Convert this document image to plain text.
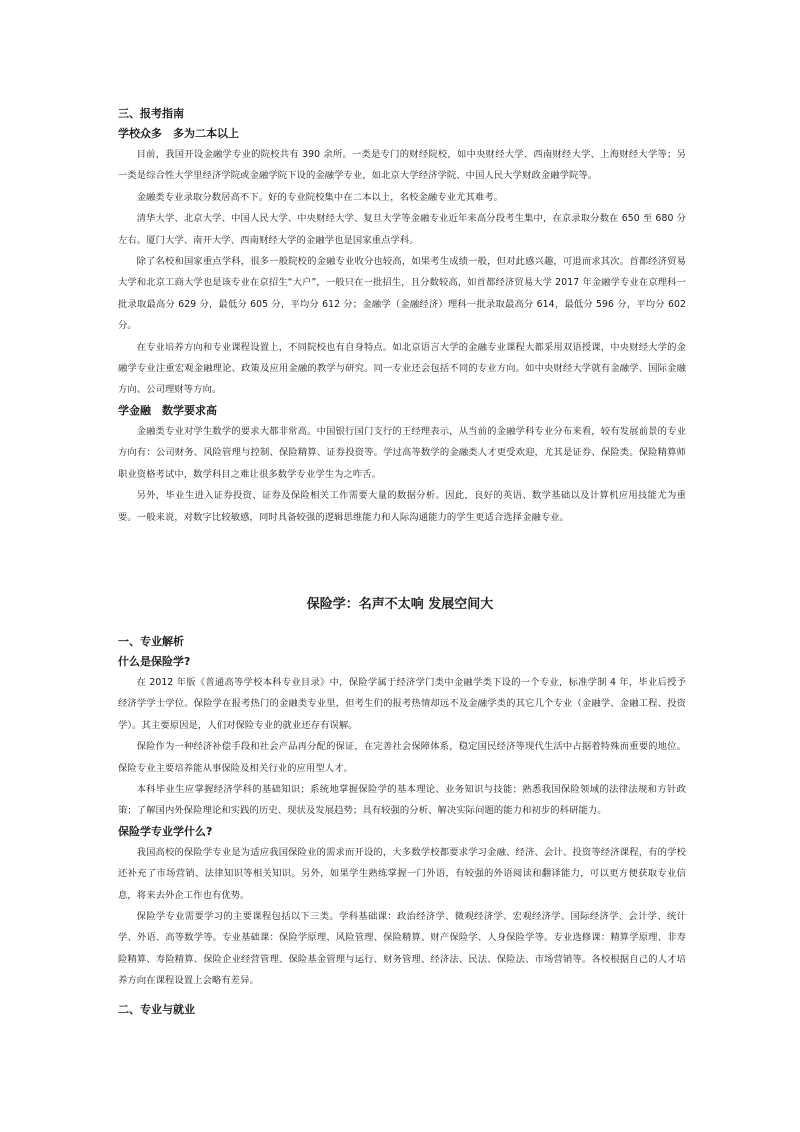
三、报考指南

学校众多　多为二本以上

目前，我国开设金融学专业的院校共有 390 余所。一类是专门的财经院校，如中央财经大学、西南财经大学、上海财经大学等；另一类是综合性大学里经济学院或金融学院下设的金融学专业，如北京大学经济学院、中国人民大学财政金融学院等。

金融类专业录取分数居高不下。好的专业院校集中在二本以上，名校金融专业尤其难考。

清华大学、北京大学、中国人民大学、中央财经大学、复旦大学等金融专业近年来高分段考生集中，在京录取分数在 650 至 680 分左右。厦门大学、南开大学、西南财经大学的金融学也是国家重点学科。

除了名校和国家重点学科，很多一般院校的金融专业收分也较高，如果考生成绩一般，但对此感兴趣，可退而求其次。首都经济贸易大学和北京工商大学也是该专业在京招生“大户”，一般只在一批招生，且分数较高，如首都经济贸易大学 2017 年金融学专业在京理科一批录取最高分 629 分，最低分 605 分，平均分 612 分；金融学（金融经济）理科一批录取最高分 614，最低分 596 分，平均分 602 分。

在专业培养方向和专业课程设置上，不同院校也有自身特点。如北京语言大学的金融专业课程大都采用双语授课，中央财经大学的金融学专业注重宏观金融理论、政策及应用金融的教学与研究。同一专业还会包括不同的专业方向。如中央财经大学就有金融学、国际金融方向、公司理财等方向。

学金融　数学要求高

金融类专业对学生数学的要求大都非常高。中国银行国门支行的王经理表示，从当前的金融学科专业分布来看，较有发展前景的专业方向有：公司财务、风险管理与控制、保险精算、证券投资等。学过高等数学的金融类人才更受欢迎，尤其是证券、保险类。保险精算师职业资格考试中，数学科目之难让很多数学专业学生为之咋舌。

另外，毕业生进入证券投资、证券及保险相关工作需要大量的数据分析。因此，良好的英语、数学基础以及计算机应用技能尤为重要。一般来说，对数字比较敏感，同时具备较强的逻辑思维能力和人际沟通能力的学生更适合选择金融专业。

保险学：名声不太响 发展空间大

一、专业解析

什么是保险学?

在 2012 年版《普通高等学校本科专业目录》中，保险学属于经济学门类中金融学类下设的一个专业，标准学制 4 年，毕业后授予经济学学士学位。保险学在报考热门的金融类专业里，但考生们的报考热情却远不及金融学类的其它几个专业（金融学、金融工程、投资学）。其主要原因是，人们对保险专业的就业还存有误解。

保险作为一种经济补偿手段和社会产品再分配的保证，在完善社会保障体系，稳定国民经济等现代生活中占据着特殊而重要的地位。保险专业主要培养能从事保险及相关行业的应用型人才。

本科毕业生应掌握经济学科的基础知识；系统地掌握保险学的基本理论、业务知识与技能；熟悉我国保险领域的法律法规和方针政策；了解国内外保险理论和实践的历史、现状及发展趋势；具有较强的分析、解决实际问题的能力和初步的科研能力。

保险学专业学什么?

我国高校的保险学专业是为适应我国保险业的需求而开设的，大多数学校都要求学习金融、经济、会计、投资等经济课程，有的学校还补充了市场营销、法律知识等相关知识。另外，如果学生熟练掌握一门外语，有较强的外语阅读和翻译能力，可以更方便获取专业信息，将来去外企工作也有优势。

保险学专业需要学习的主要课程包括以下三类。学科基础课：政治经济学、微观经济学、宏观经济学、国际经济学、会计学、统计学、外语、高等数学等。专业基础课：保险学原理、风险管理、保险精算、财产保险学、人身保险学等。专业选修课：精算学原理、非寿险精算、寿险精算、保险企业经营管理、保险基金管理与运行、财务管理、经济法、民法、保险法、市场营销等。各校根据自己的人才培养方向在课程设置上会略有差异。

二、专业与就业
